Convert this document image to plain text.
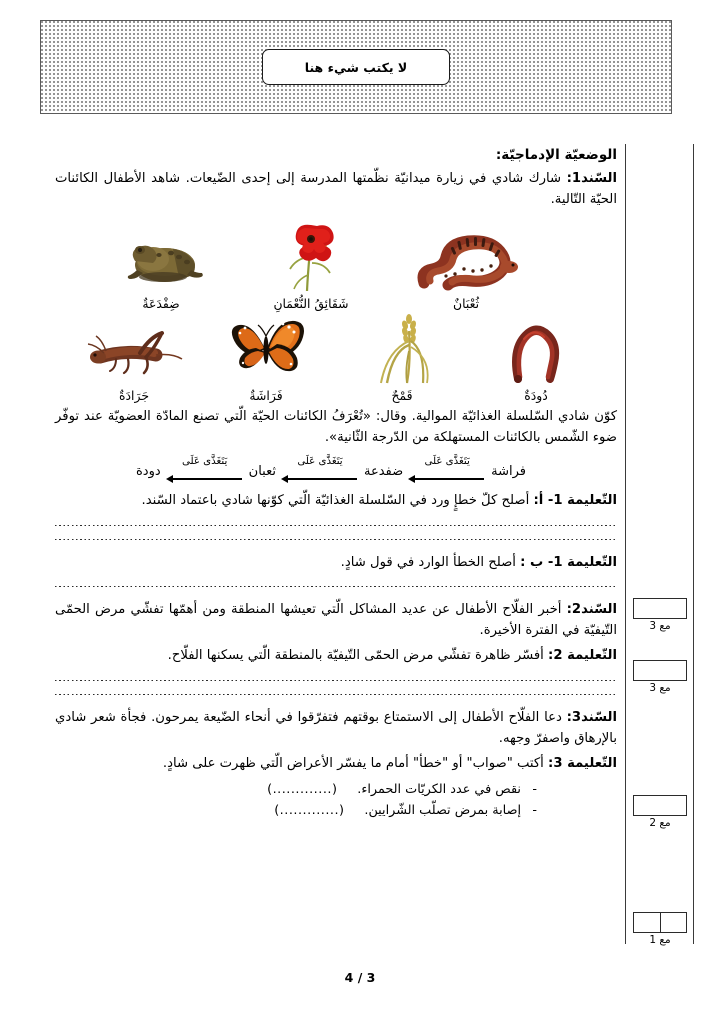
لا يكتب شيء هنا
مع 3
مع 3
مع 2
مع 1

الوضعيّة الإدماجيّة:

السّند1: شارك شادي في زيارة ميدانيّة نظّمتها المدرسة إلى إحدى الضّيعات. شاهد الأطفال الكائنات الحيّة التّالية.

ضِفْدَعَةٌ	شَقَائِقُ النُّعْمَانِ	ثُعْبَانٌ
جَرَادَةٌ	فَرَاشَةٌ	قَمْحٌ	دُودَةٌ

كوّن شادي السّلسلة الغذائيّة الموالية. وقال: «تُعْرَفُ الكائنات الحيّة الّتي تصنع المادّة العضويّة عند توفّر ضوء الشّمس بالكائنات المستهلكة من الدّرجة الثّانية».

دودة
يَتَغَذَّى عَلَى
ثعبان
يَتَغَذَّى عَلَى
ضفدعة
يَتَغَذَّى عَلَى
فراشة

التّعليمة 1- أ: أصلح كلّ خطإٍ ورد في السّلسلة الغذائيّة الّتي كوّنها شادي باعتماد السّند.

التّعليمة 1- ب : أصلح الخطأ الوارد في قول شادٍ.

السّند2: أخبر الفلّاح الأطفال عن عديد المشاكل الّتي تعيشها المنطقة ومن أهمّها تفشّي مرض الحمّى التّيفيّة في الفترة الأخيرة.

التّعليمة 2: أفسّر ظاهرة تفشّي مرض الحمّى التّيفيّة بالمنطقة الّتي يسكنها الفلّاح.

السّند3: دعا الفلّاح الأطفال إلى الاستمتاع بوقتهم فتفرّقوا في أنحاء الضّيعة يمرحون. فجأة شعر شادي بالإرهاق واصفرّ وجهه.

التّعليمة 3: أكتب "صواب" أو "خطأ" أمام ما يفسّر الأعراض الّتي ظهرت على شادٍ.

-
نقص في عدد الكريّات الحمراء.
(.............)
-
إصابة بمرض تصلّب الشّرايين.
(.............)
4 / 3
